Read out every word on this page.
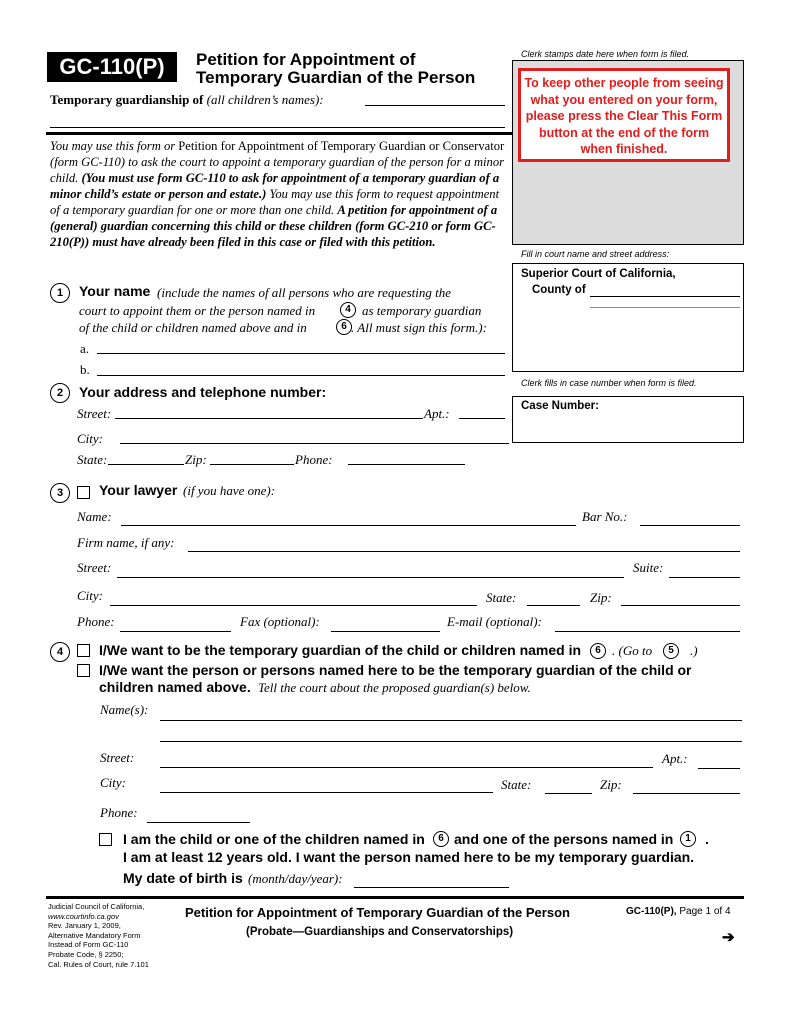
GC-110(P)	Petition for Appointment of
Temporary Guardian of the Person
Temporary guardianship of (all children’s names):
Clerk stamps date here when form is filed.
To keep other people from seeing what you entered on your form, please press the Clear This Form button at the end of the form when finished.
Fill in court name and street address:
Superior Court of California,
County of
Clerk fills in case number when form is filed.
Case Number:
You may use this form or Petition for Appointment of Temporary Guardian or Conservator (form GC-110) to ask the court to appoint a temporary guardian of the person for a minor child. (You must use form GC-110 to ask for appointment of a temporary guardian of a minor child’s estate or person and estate.) You may use this form to request appointment of a temporary guardian for one or more than one child. A petition for appointment of a (general) guardian concerning this child or these children (form GC-210 or form GC-210(P)) must have already been filed in this case or filed with this petition.
1	Your name (include the names of all persons who are requesting the
court to appoint them or the person named in	4 as temporary guardian
of the child or children named above and in	6 . All must sign this form.):
a.
b.
2	Your address and telephone number:
Street:	Apt.:
City:
State:	Zip:	Phone:
3	Your lawyer (if you have one):
Name:	Bar No.:
Firm name, if any:
Street:	Suite:
City:	State:	Zip:
Phone:	Fax (optional):	E-mail (optional):
4	I/We want to be the temporary guardian of the child or children named in	6 . (Go to	5	.)
I/We want the person or persons named here to be the temporary guardian of the child or
children named above. Tell the court about the proposed guardian(s) below.
Name(s):
Street:	Apt.:
City:	State:	Zip:
Phone:
I am the child or one of the children named in	6 and one of the persons named in	1	.
I am at least 12 years old. I want the person named here to be my temporary guardian.
My date of birth is (month/day/year):
Judicial Council of California,
www.courtinfo.ca.gov
Rev. January 1, 2009,
Alternative Mandatory Form
Instead of Form GC-110
Probate Code, § 2250;
Cal. Rules of Court, rule 7.101
Petition for Appointment of Temporary Guardian of the Person
(Probate—Guardianships and Conservatorships)
GC-110(P), Page 1 of 4
➔
